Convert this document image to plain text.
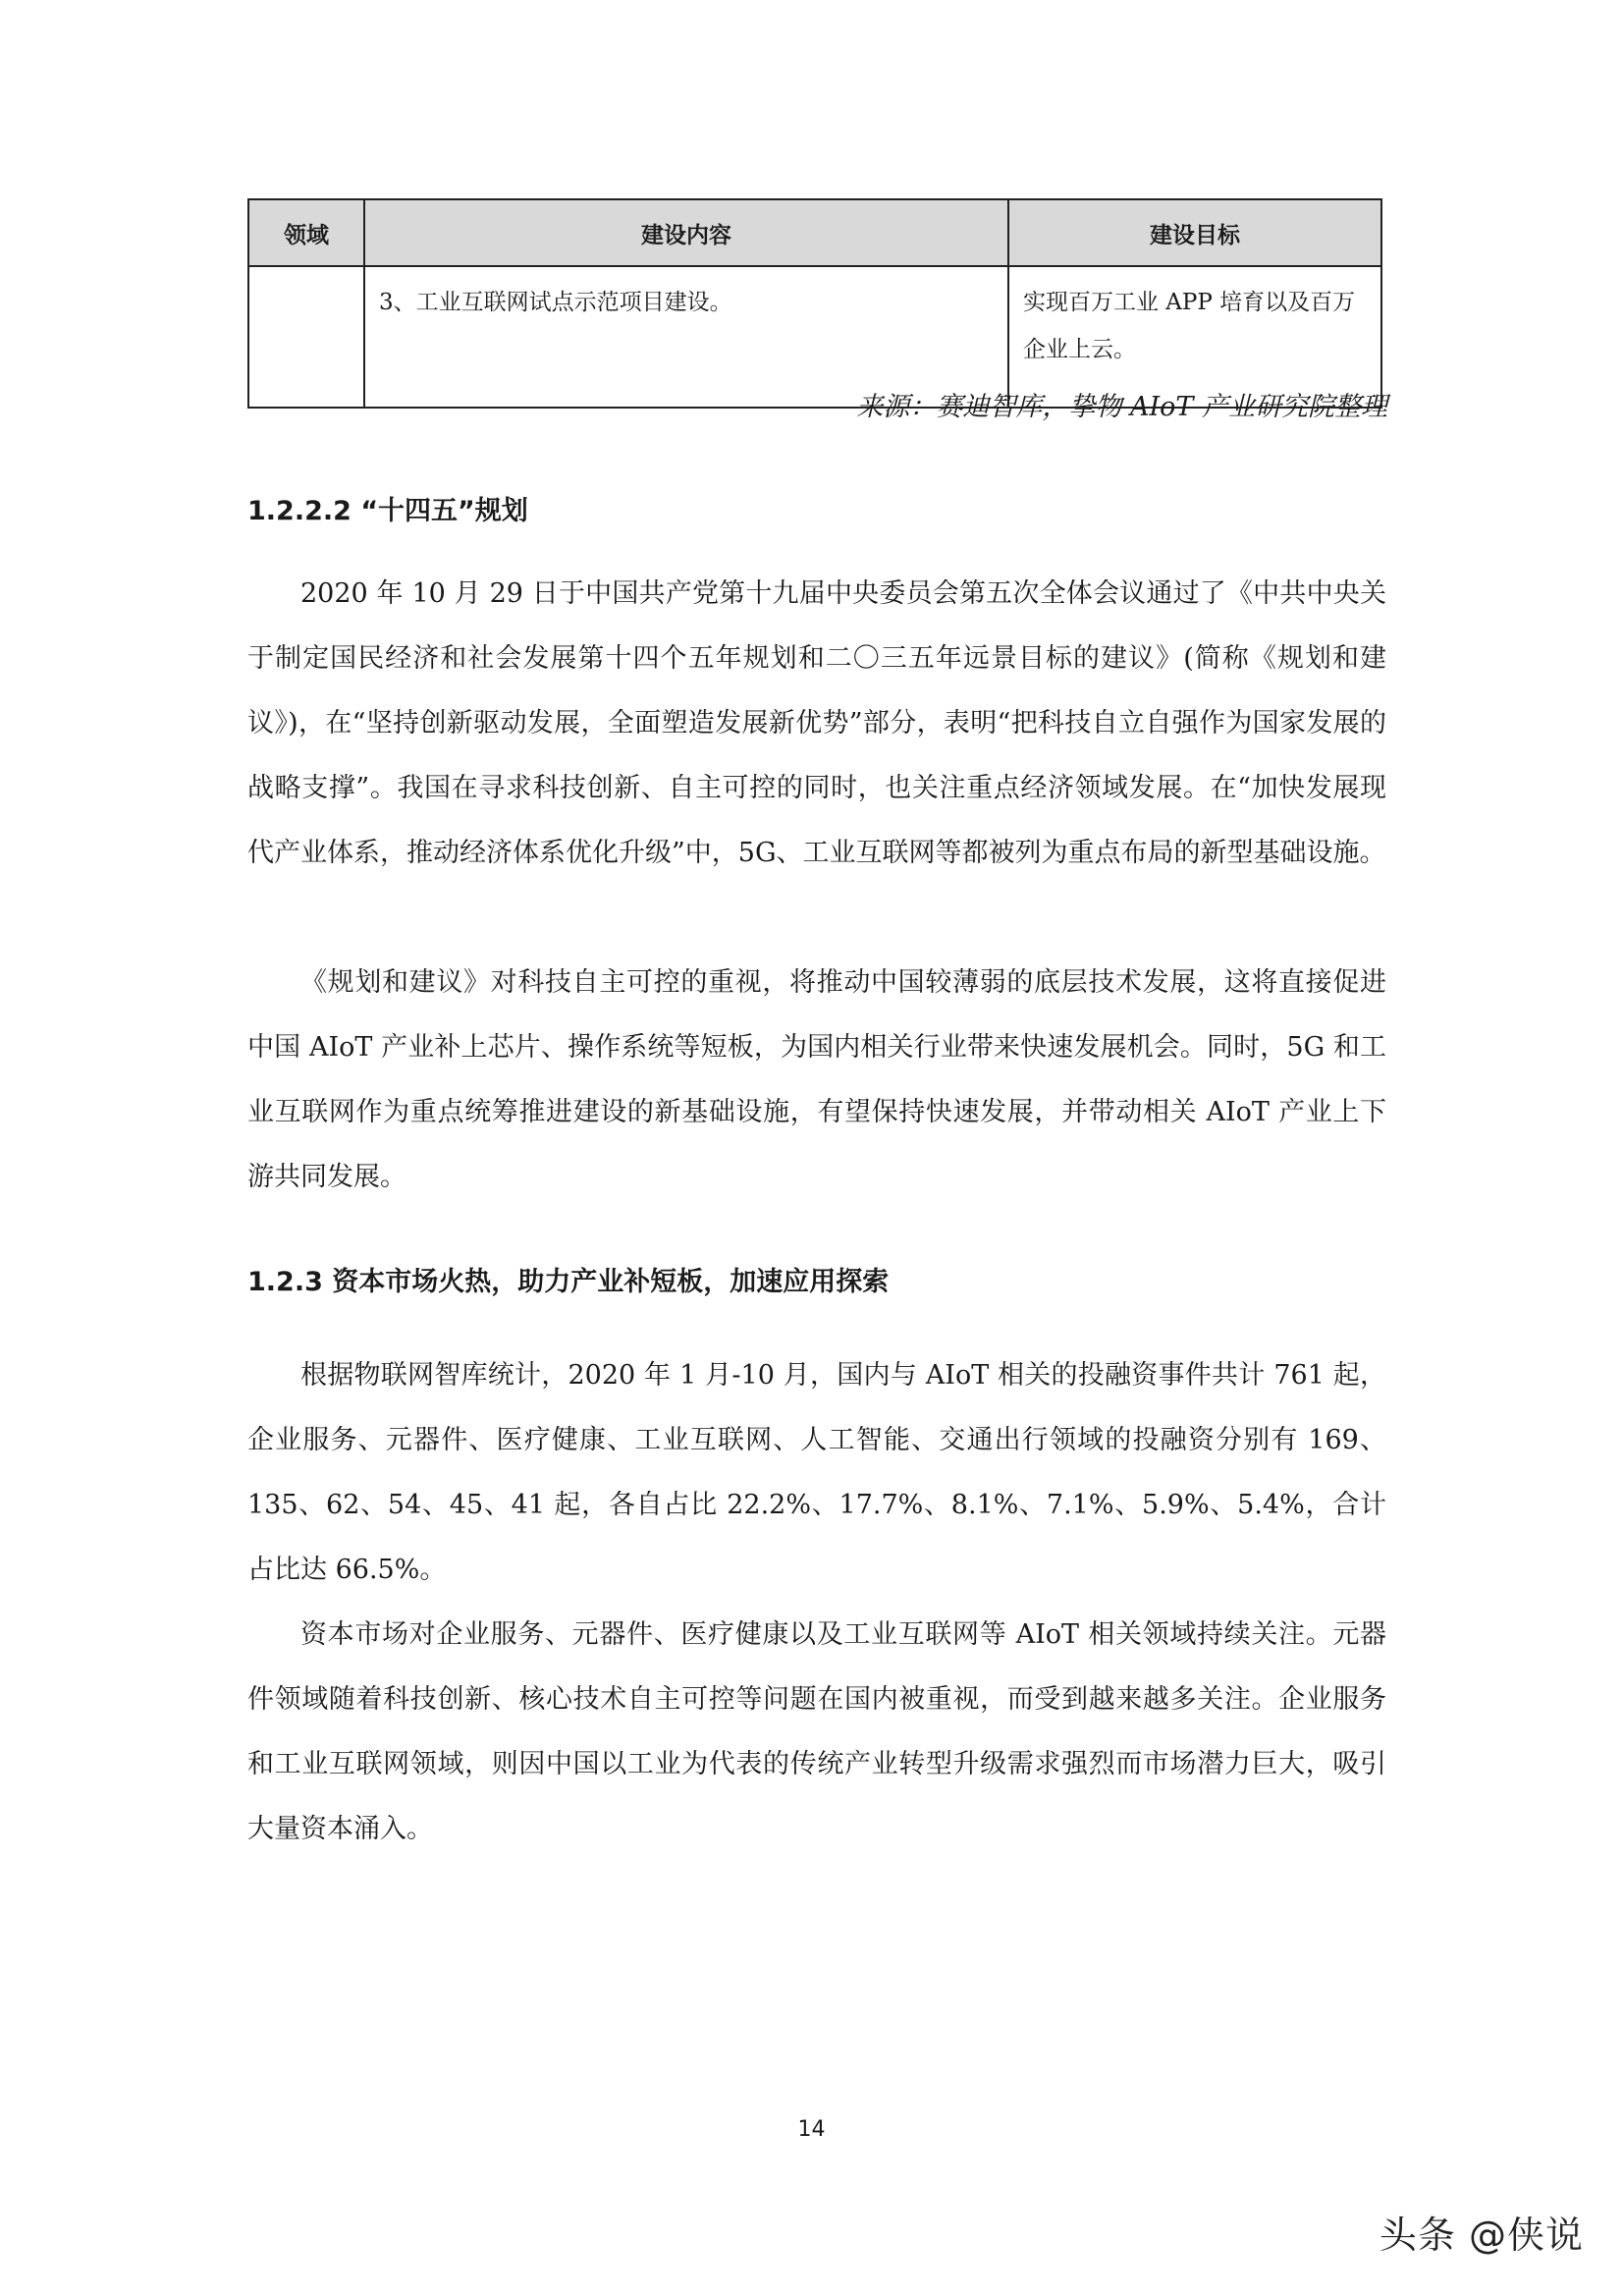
领域	建设内容	建设目标
	3、工业互联网试点示范项目建设。	实现百万工业 APP 培育以及百万企业上云。
来源：赛迪智库，挚物 AIoT 产业研究院整理
1.2.2.2 “十四五”规划

2020 年 10 月 29 日于中国共产党第十九届中央委员会第五次全体会议通过了《中共中央关于制定国民经济和社会发展第十四个五年规划和二〇三五年远景目标的建议》(简称《规划和建议》)，在“坚持创新驱动发展，全面塑造发展新优势”部分，表明“把科技自立自强作为国家发展的战略支撑”。我国在寻求科技创新、自主可控的同时，也关注重点经济领域发展。在“加快发展现代产业体系，推动经济体系优化升级”中，5G、工业互联网等都被列为重点布局的新型基础设施。

《规划和建议》对科技自主可控的重视，将推动中国较薄弱的底层技术发展，这将直接促进中国 AIoT 产业补上芯片、操作系统等短板，为国内相关行业带来快速发展机会。同时，5G 和工业互联网作为重点统筹推进建设的新基础设施，有望保持快速发展，并带动相关 AIoT 产业上下游共同发展。

1.2.3 资本市场火热，助力产业补短板，加速应用探索

根据物联网智库统计，2020 年 1 月-10 月，国内与 AIoT 相关的投融资事件共计 761 起，企业服务、元器件、医疗健康、工业互联网、人工智能、交通出行领域的投融资分别有 169、135、62、54、45、41 起，各自占比 22.2%、17.7%、8.1%、7.1%、5.9%、5.4%，合计占比达 66.5%。

资本市场对企业服务、元器件、医疗健康以及工业互联网等 AIoT 相关领域持续关注。元器件领域随着科技创新、核心技术自主可控等问题在国内被重视，而受到越来越多关注。企业服务和工业互联网领域，则因中国以工业为代表的传统产业转型升级需求强烈而市场潜力巨大，吸引大量资本涌入。

14
头条 @侠说
